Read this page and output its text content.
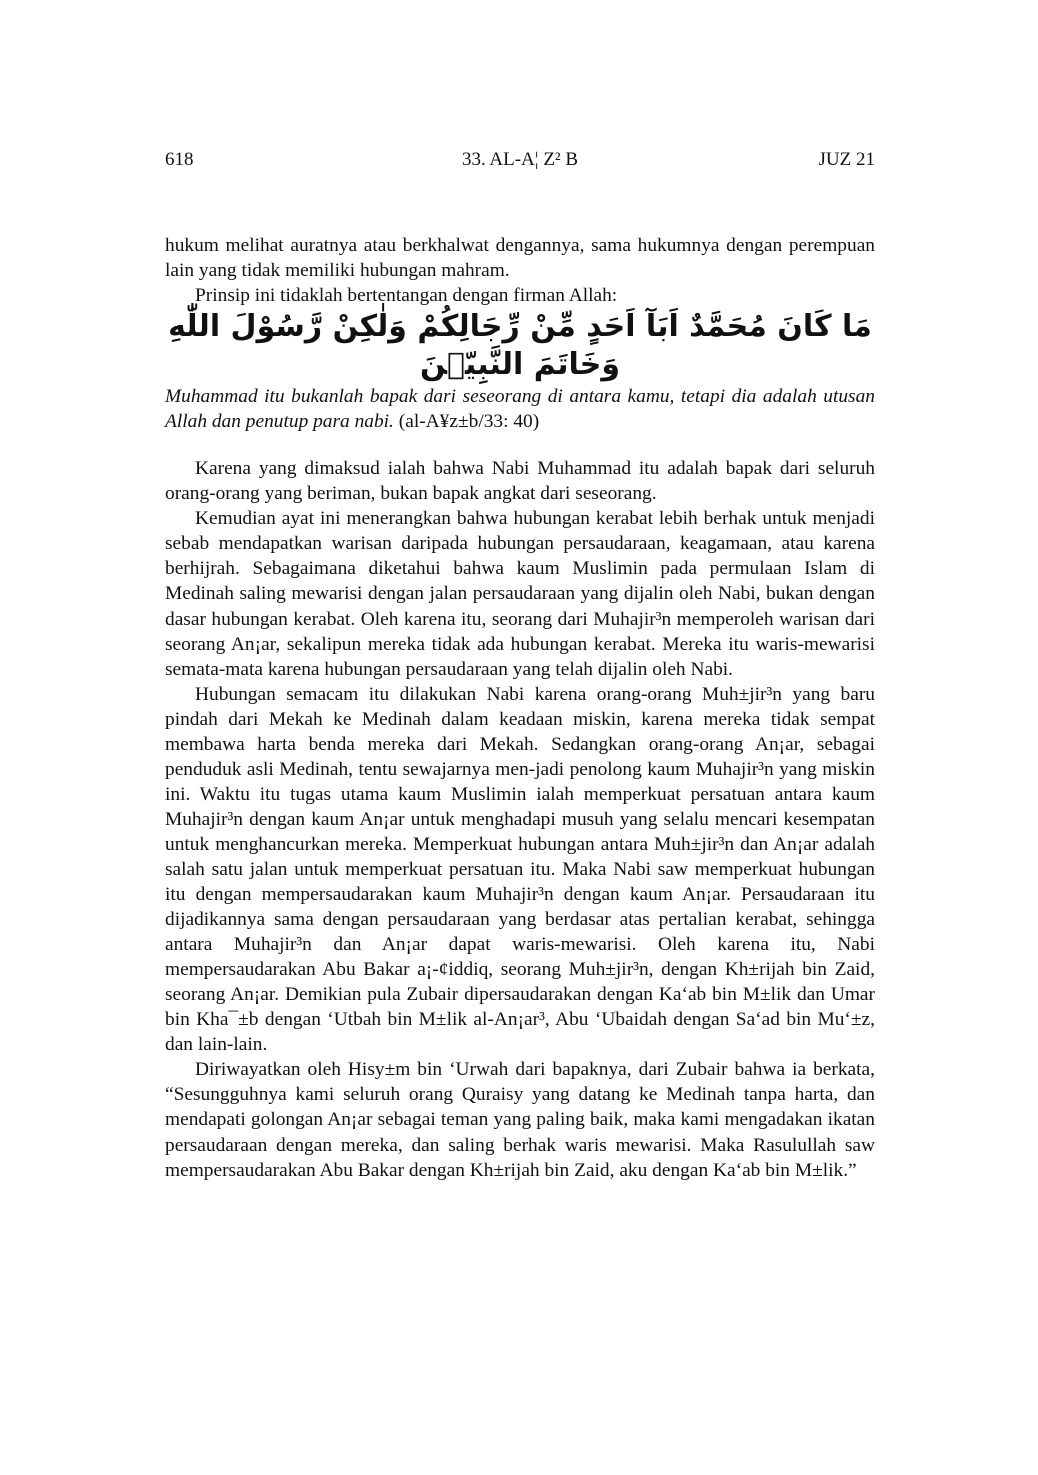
618	33. AL-A¦ Z² B	JUZ 21

hukum melihat auratnya atau berkhalwat dengannya, sama hukumnya dengan perempuan lain yang tidak memiliki hubungan mahram.

Prinsip ini tidaklah bertentangan dengan firman Allah:

مَا كَانَ مُحَمَّدٌ اَبَآ اَحَدٍ مِّنْ رِّجَالِكُمْ وَلٰكِنْ رَّسُوْلَ اللّٰهِ وَخَاتَمَ النَّبِيّٖنَ

Muhammad itu bukanlah bapak dari seseorang di antara kamu, tetapi dia adalah utusan Allah dan penutup para nabi. (al-A¥z±b/33: 40)

Karena yang dimaksud ialah bahwa Nabi Muhammad itu adalah bapak dari seluruh orang-orang yang beriman, bukan bapak angkat dari seseorang.

Kemudian ayat ini menerangkan bahwa hubungan kerabat lebih berhak untuk menjadi sebab mendapatkan warisan daripada hubungan persaudaraan, keagamaan, atau karena berhijrah. Sebagaimana diketahui bahwa kaum Muslimin pada permulaan Islam di Medinah saling mewarisi dengan jalan persaudaraan yang dijalin oleh Nabi, bukan dengan dasar hubungan kerabat. Oleh karena itu, seorang dari Muhajir³n memperoleh warisan dari seorang An¡ar, sekalipun mereka tidak ada hubungan kerabat. Mereka itu waris-mewarisi semata-mata karena hubungan persaudaraan yang telah dijalin oleh Nabi.

Hubungan semacam itu dilakukan Nabi karena orang-orang Muh±jir³n yang baru pindah dari Mekah ke Medinah dalam keadaan miskin, karena mereka tidak sempat membawa harta benda mereka dari Mekah. Sedangkan orang-orang An¡ar, sebagai penduduk asli Medinah, tentu sewajarnya men-jadi penolong kaum Muhajir³n yang miskin ini. Waktu itu tugas utama kaum Muslimin ialah memperkuat persatuan antara kaum Muhajir³n dengan kaum An¡ar untuk menghadapi musuh yang selalu mencari kesempatan untuk menghancurkan mereka. Memperkuat hubungan antara Muh±jir³n dan An¡ar adalah salah satu jalan untuk memperkuat persatuan itu. Maka Nabi saw memperkuat hubungan itu dengan mempersaudarakan kaum Muhajir³n dengan kaum An¡ar. Persaudaraan itu dijadikannya sama dengan persaudaraan yang berdasar atas pertalian kerabat, sehingga antara Muhajir³n dan An¡ar dapat waris-mewarisi. Oleh karena itu, Nabi mempersaudarakan Abu Bakar a¡-¢iddiq, seorang Muh±jir³n, dengan Kh±rijah bin Zaid, seorang An¡ar. Demikian pula Zubair dipersaudarakan dengan Ka‘ab bin M±lik dan Umar bin Kha¯±b dengan ‘Utbah bin M±lik al-An¡ar³, Abu ‘Ubaidah dengan Sa‘ad bin Mu‘±z, dan lain-lain.

Diriwayatkan oleh Hisy±m bin ‘Urwah dari bapaknya, dari Zubair bahwa ia berkata, “Sesungguhnya kami seluruh orang Quraisy yang datang ke Medinah tanpa harta, dan mendapati golongan An¡ar sebagai teman yang paling baik, maka kami mengadakan ikatan persaudaraan dengan mereka, dan saling berhak waris mewarisi. Maka Rasulullah saw mempersaudarakan Abu Bakar dengan Kh±rijah bin Zaid, aku dengan Ka‘ab bin M±lik.”
